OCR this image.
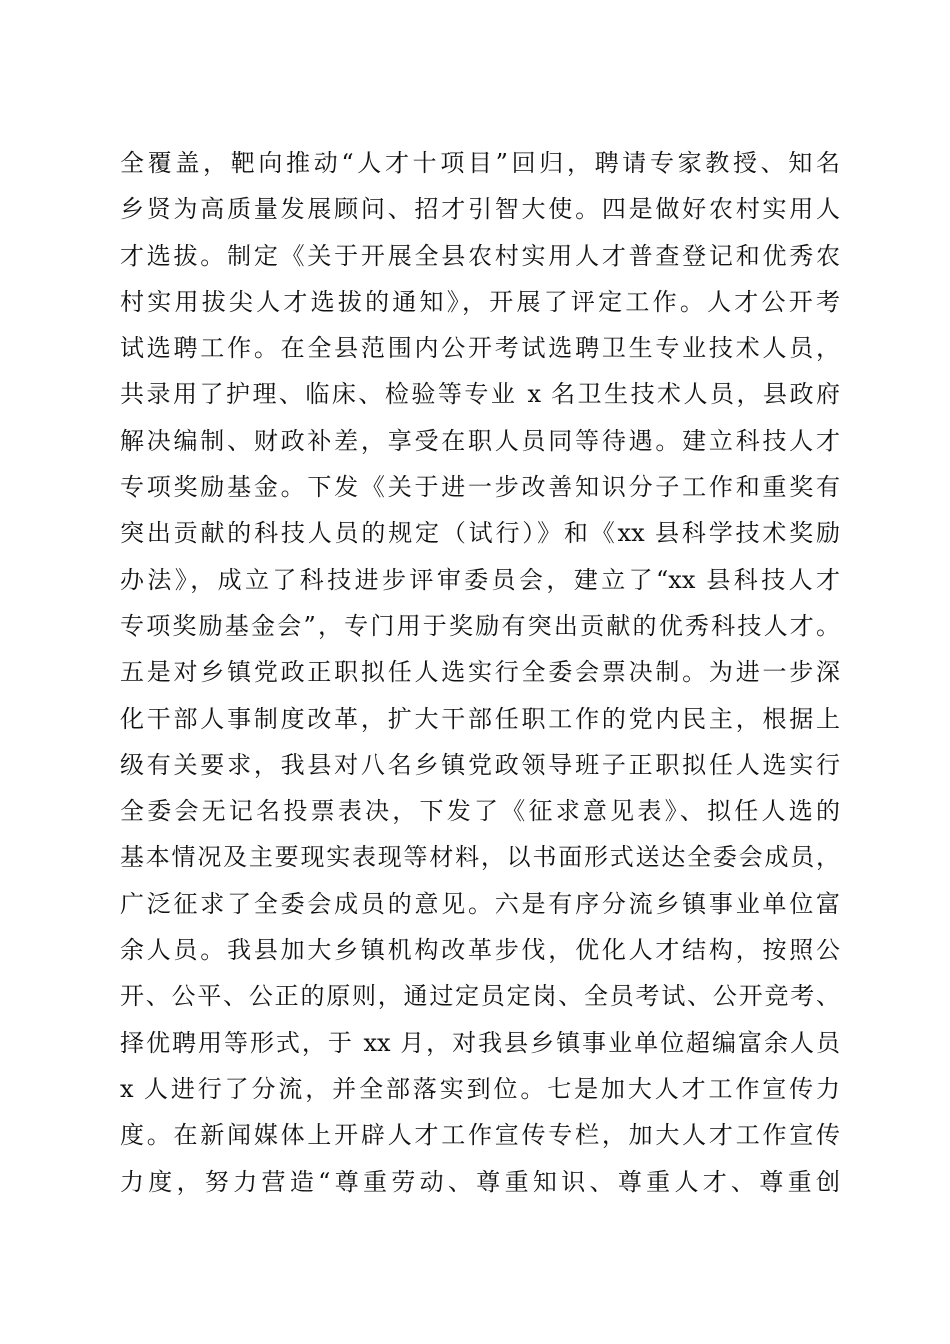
全覆盖，靶向推动“人才十项目”回归，聘请专家教授、知名
乡贤为高质量发展顾问、招才引智大使。四是做好农村实用人
才选拔。制定《关于开展全县农村实用人才普查登记和优秀农
村实用拔尖人才选拔的通知》，开展了评定工作。人才公开考
试选聘工作。在全县范围内公开考试选聘卫生专业技术人员，
共录用了护理、临床、检验等专业 x 名卫生技术人员，县政府
解决编制、财政补差，享受在职人员同等待遇。建立科技人才
专项奖励基金。下发《关于进一步改善知识分子工作和重奖有
突出贡献的科技人员的规定（试行）》和《xx 县科学技术奖励
办法》，成立了科技进步评审委员会，建立了“xx 县科技人才
专项奖励基金会”，专门用于奖励有突出贡献的优秀科技人才。
五是对乡镇党政正职拟任人选实行全委会票决制。为进一步深
化干部人事制度改革，扩大干部任职工作的党内民主，根据上
级有关要求，我县对八名乡镇党政领导班子正职拟任人选实行
全委会无记名投票表决，下发了《征求意见表》、拟任人选的
基本情况及主要现实表现等材料，以书面形式送达全委会成员，
广泛征求了全委会成员的意见。六是有序分流乡镇事业单位富
余人员。我县加大乡镇机构改革步伐，优化人才结构，按照公
开、公平、公正的原则，通过定员定岗、全员考试、公开竞考、
择优聘用等形式，于 xx 月，对我县乡镇事业单位超编富余人员
x 人进行了分流，并全部落实到位。七是加大人才工作宣传力
度。在新闻媒体上开辟人才工作宣传专栏，加大人才工作宣传
力度，努力营造“尊重劳动、尊重知识、尊重人才、尊重创
